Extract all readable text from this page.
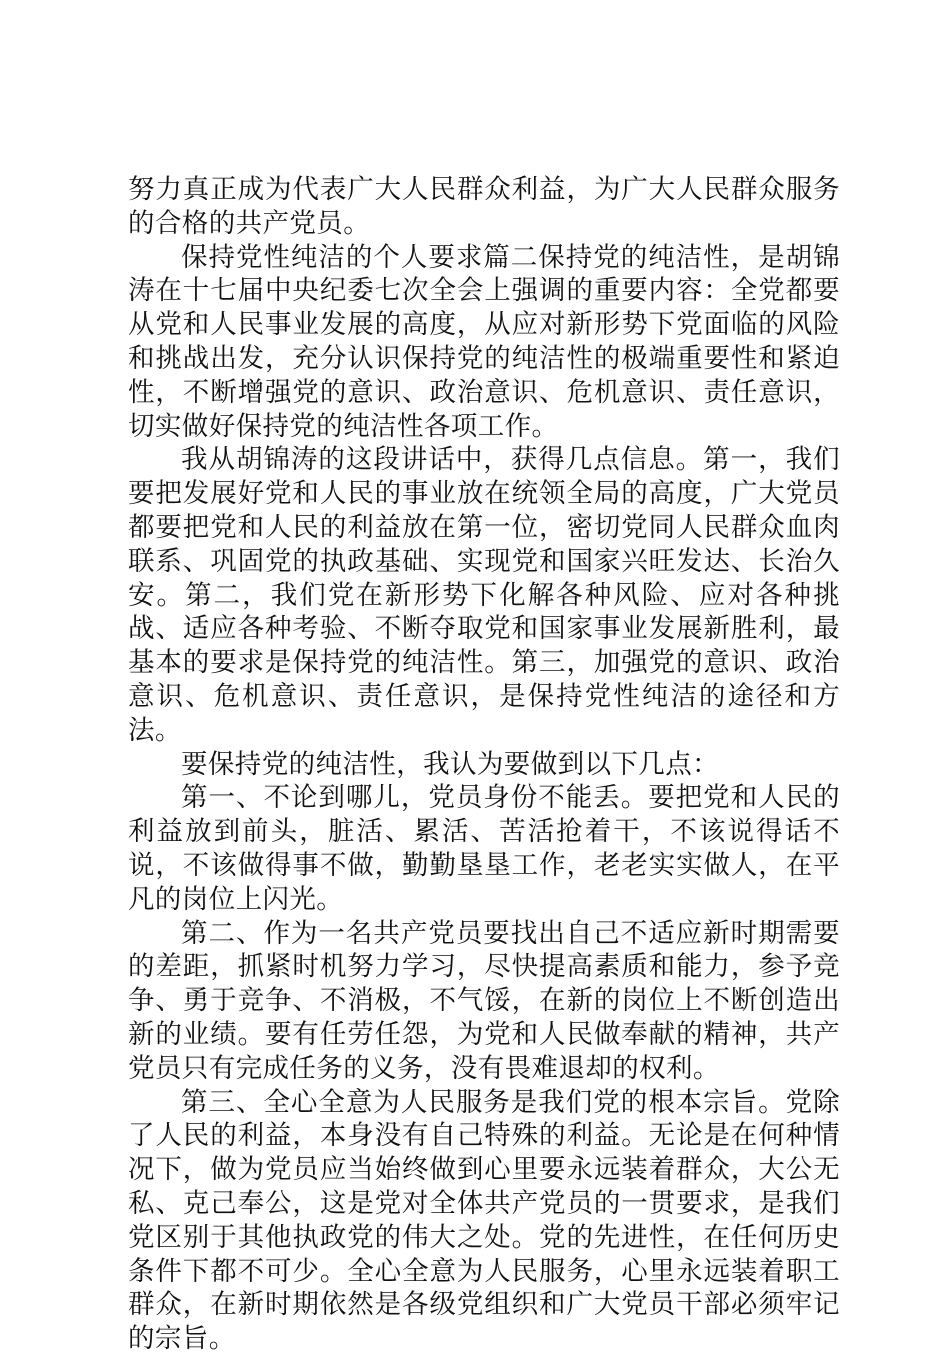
努力真正成为代表广大人民群众利益，为广大人民群众服务的合格的共产党员。

保持党性纯洁的个人要求篇二保持党的纯洁性，是胡锦涛在十七届中央纪委七次全会上强调的重要内容：全党都要从党和人民事业发展的高度，从应对新形势下党面临的风险和挑战出发，充分认识保持党的纯洁性的极端重要性和紧迫性，不断增强党的意识、政治意识、危机意识、责任意识，切实做好保持党的纯洁性各项工作。

我从胡锦涛的这段讲话中，获得几点信息。第一，我们要把发展好党和人民的事业放在统领全局的高度，广大党员都要把党和人民的利益放在第一位，密切党同人民群众血肉联系、巩固党的执政基础、实现党和国家兴旺发达、长治久安。第二，我们党在新形势下化解各种风险、应对各种挑战、适应各种考验、不断夺取党和国家事业发展新胜利，最基本的要求是保持党的纯洁性。第三，加强党的意识、政治意识、危机意识、责任意识，是保持党性纯洁的途径和方法。

要保持党的纯洁性，我认为要做到以下几点：

第一、不论到哪儿，党员身份不能丢。要把党和人民的利益放到前头，脏活、累活、苦活抢着干，不该说得话不说，不该做得事不做，勤勤垦垦工作，老老实实做人，在平凡的岗位上闪光。

第二、作为一名共产党员要找出自己不适应新时期需要的差距，抓紧时机努力学习，尽快提高素质和能力，参予竞争、勇于竞争、不消极，不气馁，在新的岗位上不断创造出新的业绩。要有任劳任怨，为党和人民做奉献的精神，共产党员只有完成任务的义务，没有畏难退却的权利。

第三、全心全意为人民服务是我们党的根本宗旨。党除了人民的利益，本身没有自己特殊的利益。无论是在何种情况下，做为党员应当始终做到心里要永远装着群众，大公无私、克己奉公，这是党对全体共产党员的一贯要求，是我们党区别于其他执政党的伟大之处。党的先进性，在任何历史条件下都不可少。全心全意为人民服务，心里永远装着职工群众，在新时期依然是各级党组织和广大党员干部必须牢记的宗旨。
